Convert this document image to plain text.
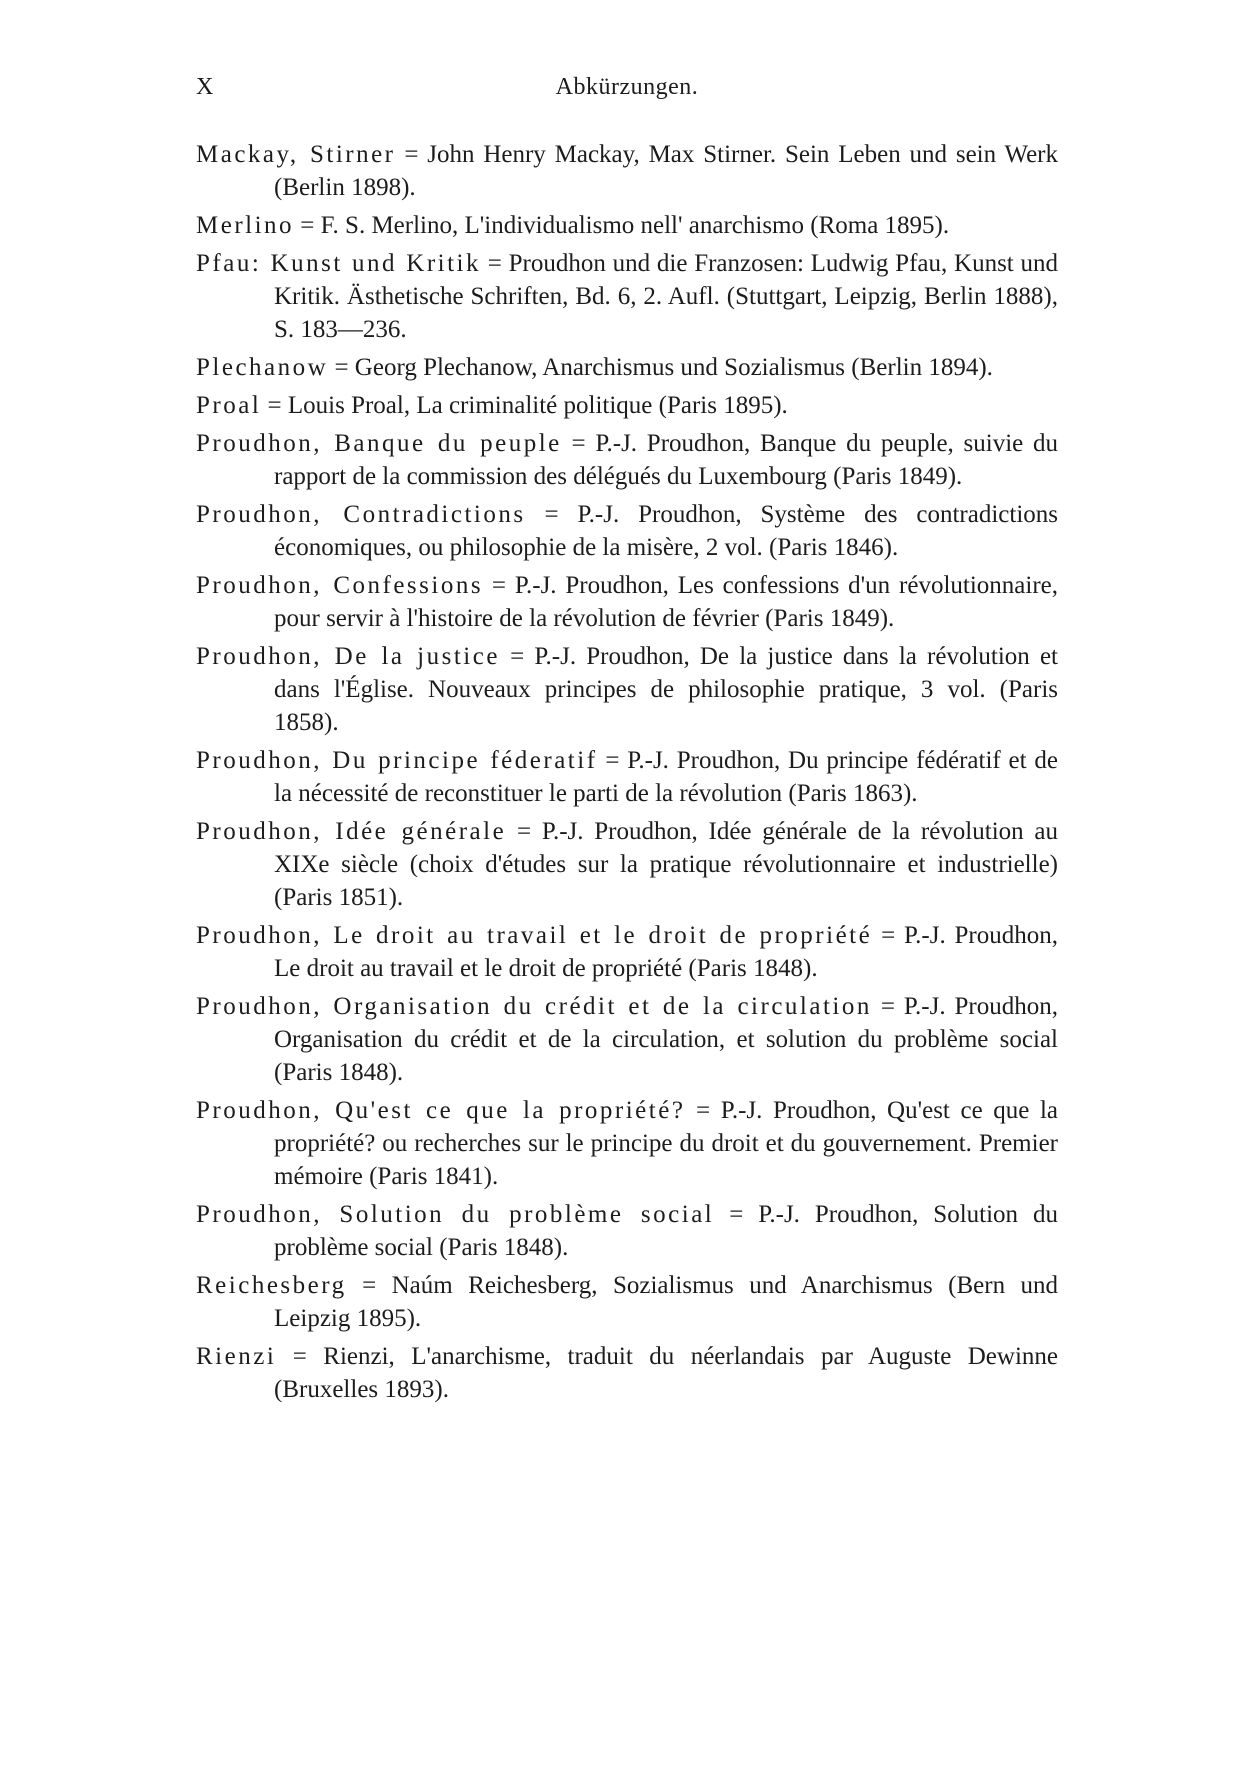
X	Abkürzungen.
Mackay, Stirner = John Henry Mackay, Max Stirner. Sein Leben und sein Werk (Berlin 1898).
Merlino = F. S. Merlino, L'individualismo nell' anarchismo (Roma 1895).
Pfau: Kunst und Kritik = Proudhon und die Franzosen: Ludwig Pfau, Kunst und Kritik. Ästhetische Schriften, Bd. 6, 2. Aufl. (Stuttgart, Leipzig, Berlin 1888), S. 183—236.
Plechanow = Georg Plechanow, Anarchismus und Sozialismus (Berlin 1894).
Proal = Louis Proal, La criminalité politique (Paris 1895).
Proudhon, Banque du peuple = P.-J. Proudhon, Banque du peuple, suivie du rapport de la commission des délégués du Luxembourg (Paris 1849).
Proudhon, Contradictions = P.-J. Proudhon, Système des contradictions économiques, ou philosophie de la misère, 2 vol. (Paris 1846).
Proudhon, Confessions = P.-J. Proudhon, Les confessions d'un révolutionnaire, pour servir à l'histoire de la révolution de février (Paris 1849).
Proudhon, De la justice = P.-J. Proudhon, De la justice dans la révolution et dans l'Église. Nouveaux principes de philosophie pratique, 3 vol. (Paris 1858).
Proudhon, Du principe féderatif = P.-J. Proudhon, Du principe fédératif et de la nécessité de reconstituer le parti de la révolution (Paris 1863).
Proudhon, Idée générale = P.-J. Proudhon, Idée générale de la révolution au XIXe siècle (choix d'études sur la pratique révolutionnaire et industrielle) (Paris 1851).
Proudhon, Le droit au travail et le droit de propriété = P.-J. Proudhon, Le droit au travail et le droit de propriété (Paris 1848).
Proudhon, Organisation du crédit et de la circulation = P.-J. Proudhon, Organisation du crédit et de la circulation, et solution du problème social (Paris 1848).
Proudhon, Qu'est ce que la propriété? = P.-J. Proudhon, Qu'est ce que la propriété? ou recherches sur le principe du droit et du gouvernement. Premier mémoire (Paris 1841).
Proudhon, Solution du problème social = P.-J. Proudhon, Solution du problème social (Paris 1848).
Reichesberg = Naúm Reichesberg, Sozialismus und Anarchismus (Bern und Leipzig 1895).
Rienzi = Rienzi, L'anarchisme, traduit du néerlandais par Auguste Dewinne (Bruxelles 1893).
